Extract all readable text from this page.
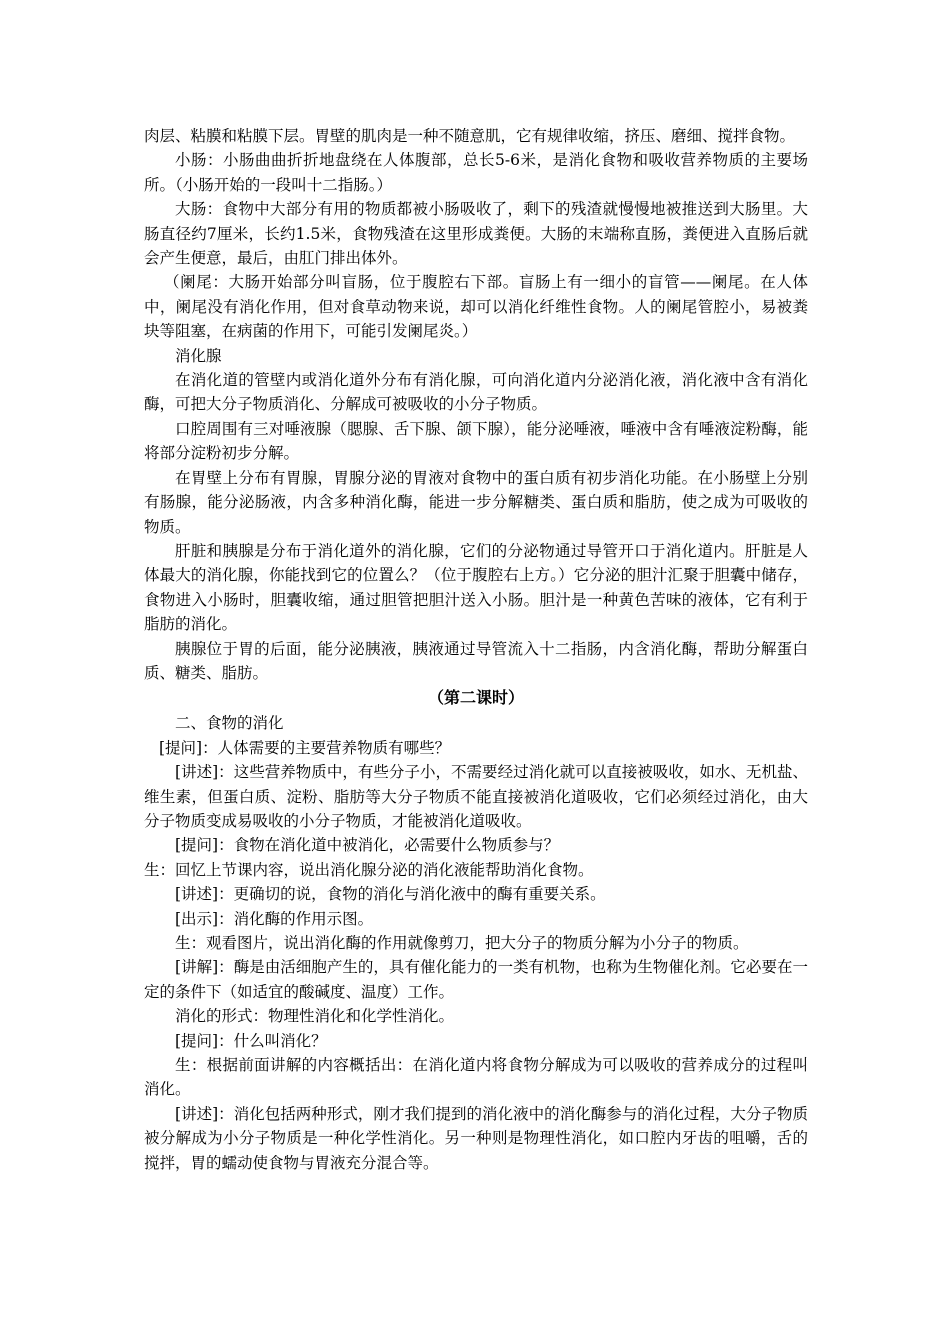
肉层、粘膜和粘膜下层。胃壁的肌肉是一种不随意肌，它有规律收缩，挤压、磨细、搅拌食物。

小肠：小肠曲曲折折地盘绕在人体腹部，总长5-6米，是消化食物和吸收营养物质的主要场所。（小肠开始的一段叫十二指肠。）

大肠：食物中大部分有用的物质都被小肠吸收了，剩下的残渣就慢慢地被推送到大肠里。大肠直径约7厘米，长约1.5米，食物残渣在这里形成粪便。大肠的末端称直肠，粪便进入直肠后就会产生便意，最后，由肛门排出体外。

（阑尾：大肠开始部分叫盲肠，位于腹腔右下部。盲肠上有一细小的盲管——阑尾。在人体中，阑尾没有消化作用，但对食草动物来说，却可以消化纤维性食物。人的阑尾管腔小，易被粪块等阻塞，在病菌的作用下，可能引发阑尾炎。）

消化腺

在消化道的管壁内或消化道外分布有消化腺，可向消化道内分泌消化液，消化液中含有消化酶，可把大分子物质消化、分解成可被吸收的小分子物质。

口腔周围有三对唾液腺（腮腺、舌下腺、颌下腺），能分泌唾液，唾液中含有唾液淀粉酶，能将部分淀粉初步分解。

在胃壁上分布有胃腺，胃腺分泌的胃液对食物中的蛋白质有初步消化功能。在小肠壁上分别有肠腺，能分泌肠液，内含多种消化酶，能进一步分解糖类、蛋白质和脂肪，使之成为可吸收的物质。

肝脏和胰腺是分布于消化道外的消化腺，它们的分泌物通过导管开口于消化道内。肝脏是人体最大的消化腺，你能找到它的位置么？（位于腹腔右上方。）它分泌的胆汁汇聚于胆囊中储存，食物进入小肠时，胆囊收缩，通过胆管把胆汁送入小肠。胆汁是一种黄色苦味的液体，它有利于脂肪的消化。

胰腺位于胃的后面，能分泌胰液，胰液通过导管流入十二指肠，内含消化酶，帮助分解蛋白质、糖类、脂肪。

（第二课时）

二、食物的消化

[提问]：人体需要的主要营养物质有哪些？

[讲述]：这些营养物质中，有些分子小，不需要经过消化就可以直接被吸收，如水、无机盐、维生素，但蛋白质、淀粉、脂肪等大分子物质不能直接被消化道吸收，它们必须经过消化，由大分子物质变成易吸收的小分子物质，才能被消化道吸收。

[提问]：食物在消化道中被消化，必需要什么物质参与？

生：回忆上节课内容，说出消化腺分泌的消化液能帮助消化食物。

[讲述]：更确切的说，食物的消化与消化液中的酶有重要关系。

[出示]：消化酶的作用示图。

生：观看图片，说出消化酶的作用就像剪刀，把大分子的物质分解为小分子的物质。

[讲解]：酶是由活细胞产生的，具有催化能力的一类有机物，也称为生物催化剂。它必要在一定的条件下（如适宜的酸碱度、温度）工作。

消化的形式：物理性消化和化学性消化。

[提问]：什么叫消化？

生：根据前面讲解的内容概括出：在消化道内将食物分解成为可以吸收的营养成分的过程叫消化。

[讲述]：消化包括两种形式，刚才我们提到的消化液中的消化酶参与的消化过程，大分子物质被分解成为小分子物质是一种化学性消化。另一种则是物理性消化，如口腔内牙齿的咀嚼，舌的搅拌，胃的蠕动使食物与胃液充分混合等。
